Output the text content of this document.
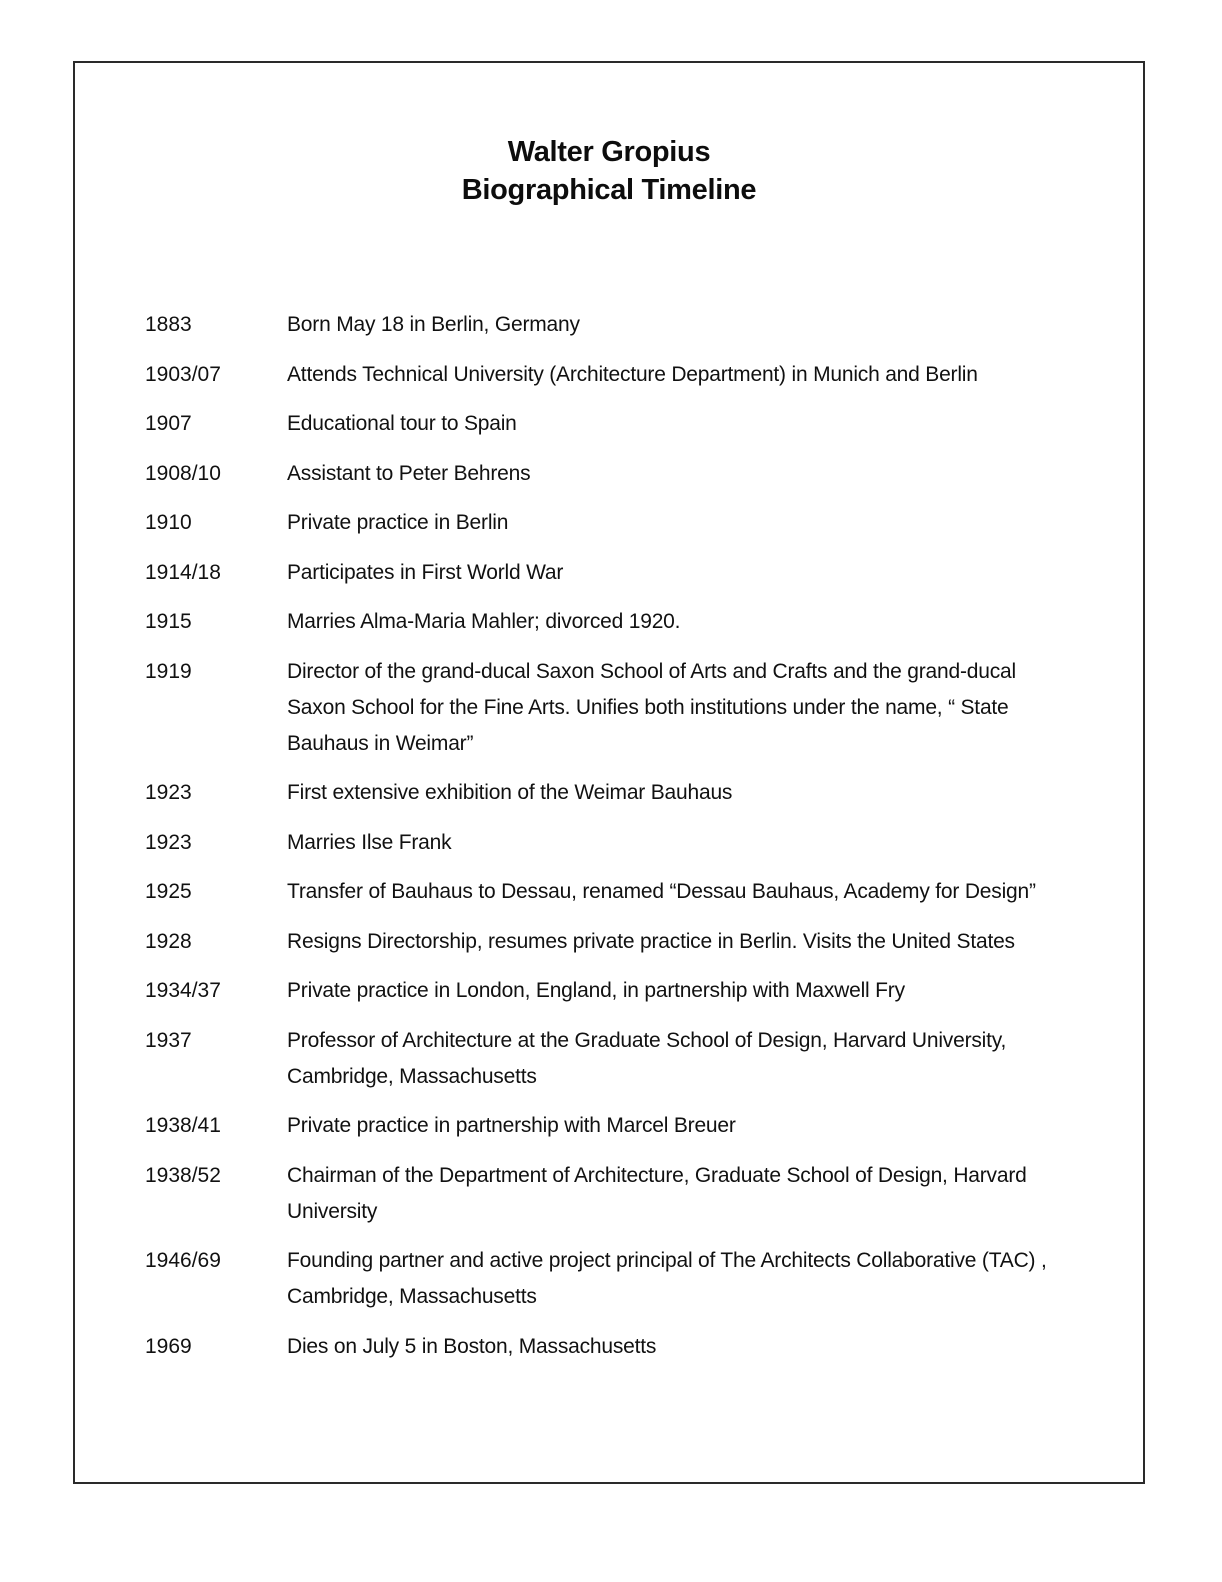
Walter Gropius
Biographical Timeline
1883	Born May 18 in Berlin, Germany
1903/07	Attends Technical University (Architecture Department) in Munich and Berlin
1907	Educational tour to Spain
1908/10	Assistant to Peter Behrens
1910	Private practice in Berlin
1914/18	Participates in First World War
1915	Marries Alma-Maria Mahler; divorced 1920.
1919	Director of the grand-ducal Saxon School of Arts and Crafts and the grand-ducal Saxon School for the Fine Arts. Unifies both institutions under the name, “ State Bauhaus in Weimar”
1923	First extensive exhibition of the Weimar Bauhaus
1923	Marries Ilse Frank
1925	Transfer of Bauhaus to Dessau, renamed “Dessau Bauhaus, Academy for Design”
1928	Resigns Directorship, resumes private practice in Berlin. Visits the United States
1934/37	Private practice in London, England, in partnership with Maxwell Fry
1937	Professor of Architecture at the Graduate School of Design, Harvard University, Cambridge, Massachusetts
1938/41	Private practice in partnership with Marcel Breuer
1938/52	Chairman of the Department of Architecture, Graduate School of Design, Harvard University
1946/69	Founding partner and active project principal of The Architects Collaborative (TAC) , Cambridge, Massachusetts
1969	Dies on July 5 in Boston, Massachusetts
